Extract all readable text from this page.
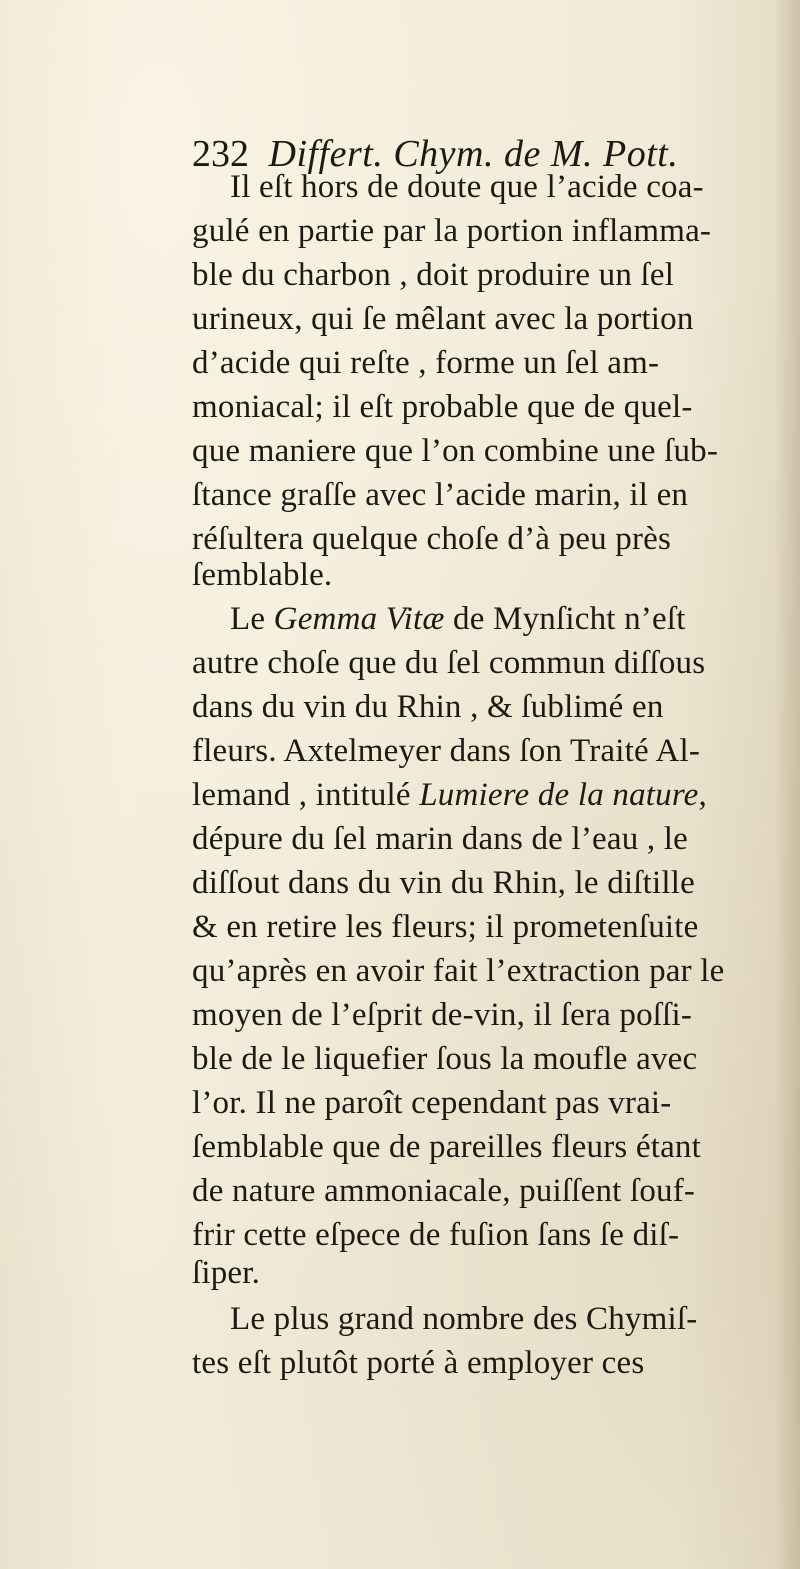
232 Differt. Chym. de M. Pott.
Il eſt hors de doute que l’acide coa-
gulé en partie par la portion inflamma-
ble du charbon , doit produire un ſel
urineux, qui ſe mêlant avec la portion
d’acide qui reſte , forme un ſel am-
moniacal; il eſt probable que de quel-
que maniere que l’on combine une ſub-
ſtance graſſe avec l’acide marin, il en
réſultera quelque choſe d’à peu près
ſemblable.
Le Gemma Vitæ de Mynſicht n’eſt
autre choſe que du ſel commun diſſous
dans du vin du Rhin , & ſublimé en
fleurs. Axtelmeyer dans ſon Traité Al-
lemand , intitulé Lumiere de la nature,
dépure du ſel marin dans de l’eau , le
diſſout dans du vin du Rhin, le diſtille
& en retire les fleurs; il prometenſuite
qu’après en avoir fait l’extraction par le
moyen de l’eſprit de-vin, il ſera poſſi-
ble de le liquefier ſous la moufle avec
l’or. Il ne paroît cependant pas vrai-
ſemblable que de pareilles fleurs étant
de nature ammoniacale, puiſſent ſouf-
frir cette eſpece de fuſion ſans ſe diſ-
ſiper.
Le plus grand nombre des Chymiſ-
tes eſt plutôt porté à employer ces
